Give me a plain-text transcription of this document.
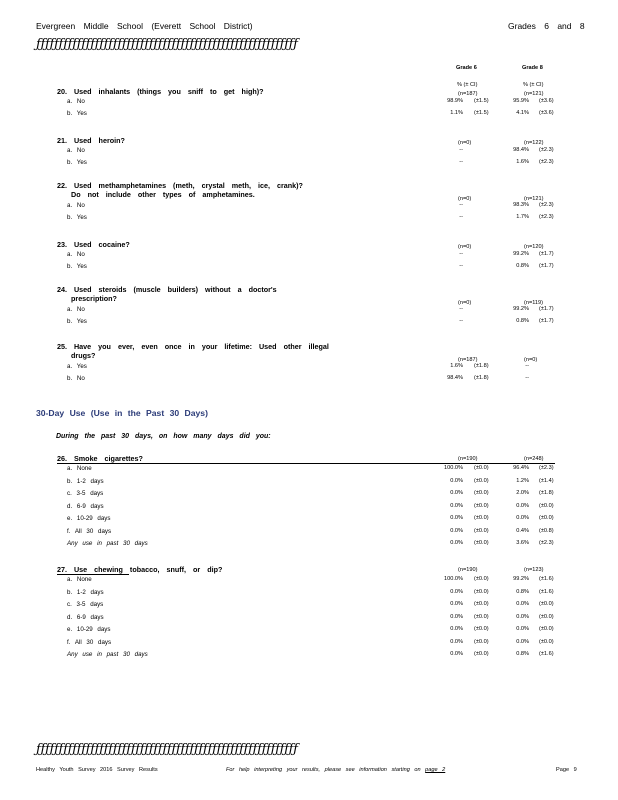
Evergreen Middle School (Everett School District)	Grades 6 and 8
ƒƒƒƒƒƒƒƒƒƒƒƒƒƒƒƒƒƒƒƒƒƒƒƒƒƒƒƒƒƒƒƒƒƒƒƒƒƒƒƒƒƒƒƒƒƒƒƒƒƒƒƒƒƒƒƒƒƒ
Grade 6	Grade 8
% (± CI)	% (± CI)
20. Used inhalants (things you sniff to get high)?	(n=187)	(n=121)
a. No	98.9% (±1.5)	95.9% (±3.6)
b. Yes	1.1% (±1.5)	4.1% (±3.6)
21. Used heroin?	(n=0)	(n=122)
a. No	--	98.4% (±2.3)
b. Yes	--	1.6% (±2.3)
22. Used methamphetamines (meth, crystal meth, ice, crank)?
Do not include other types of amphetamines.	(n=0)	(n=121)
a. No	--	98.3% (±2.3)
b. Yes	--	1.7% (±2.3)
23. Used cocaine?	(n=0)	(n=120)
a. No	--	99.2% (±1.7)
b. Yes	--	0.8% (±1.7)
24. Used steroids (muscle builders) without a doctor's
prescription?	(n=0)	(n=119)
a. No	--	99.2% (±1.7)
b. Yes	--	0.8% (±1.7)
25. Have you ever, even once in your lifetime: Used other illegal
drugs?	(n=187)	(n=0)
a. Yes	1.6% (±1.8)	--
b. No	98.4% (±1.8)	--
30-Day Use (Use in the Past 30 Days)
During the past 30 days, on how many days did you:
26. Smoke cigarettes?	(n=190)	(n=248)
a. None	100.0% (±0.0)	96.4% (±2.3)
b. 1-2 days	0.0% (±0.0)	1.2% (±1.4)
c. 3-5 days	0.0% (±0.0)	2.0% (±1.8)
d. 6-9 days	0.0% (±0.0)	0.0% (±0.0)
e. 10-29 days	0.0% (±0.0)	0.0% (±0.0)
f. All 30 days	0.0% (±0.0)	0.4% (±0.8)
Any use in past 30 days	0.0% (±0.0)	3.6% (±2.3)
27. Use chewing tobacco, snuff, or dip?	(n=190)	(n=123)
a. None	100.0% (±0.0)	99.2% (±1.6)
b. 1-2 days	0.0% (±0.0)	0.8% (±1.6)
c. 3-5 days	0.0% (±0.0)	0.0% (±0.0)
d. 6-9 days	0.0% (±0.0)	0.0% (±0.0)
e. 10-29 days	0.0% (±0.0)	0.0% (±0.0)
f. All 30 days	0.0% (±0.0)	0.0% (±0.0)
Any use in past 30 days	0.0% (±0.0)	0.8% (±1.6)
ƒƒƒƒƒƒƒƒƒƒƒƒƒƒƒƒƒƒƒƒƒƒƒƒƒƒƒƒƒƒƒƒƒƒƒƒƒƒƒƒƒƒƒƒƒƒƒƒƒƒƒƒƒƒƒƒƒƒ
Healthy Youth Survey 2016 Survey Results	For help interpreting your results, please see information starting on page 2	Page 9
